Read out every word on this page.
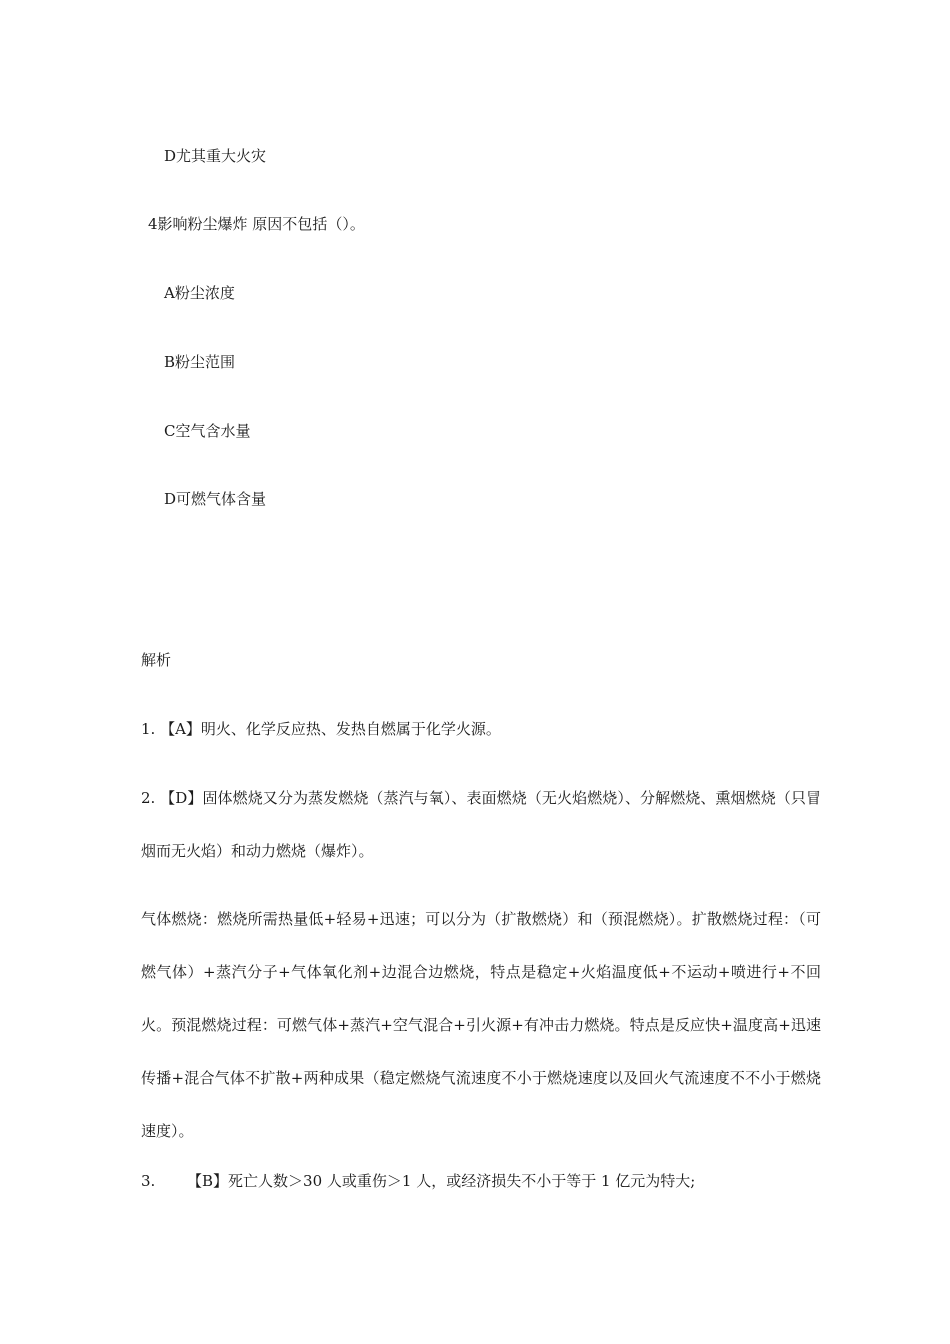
D尤其重大火灾
4影响粉尘爆炸 原因不包括（）。
A粉尘浓度
B粉尘范围
C空气含水量
D可燃气体含量
解析
1. 【A】明火、化学反应热、发热自燃属于化学火源。
2. 【D】固体燃烧又分为蒸发燃烧（蒸汽与氧）、表面燃烧（无火焰燃烧）、分解燃烧、熏烟燃烧（只冒烟而无火焰）和动力燃烧（爆炸）。
气体燃烧：燃烧所需热量低+轻易+迅速；可以分为（扩散燃烧）和（预混燃烧）。扩散燃烧过程：（可燃气体）+蒸汽分子+气体氧化剂+边混合边燃烧，特点是稳定+火焰温度低+不运动+喷进行+不回火。预混燃烧过程：可燃气体+蒸汽+空气混合+引火源+有冲击力燃烧。特点是反应快+温度高+迅速传播+混合气体不扩散+两种成果（稳定燃烧气流速度不小于燃烧速度以及回火气流速度不不小于燃烧速度）。
3. 【B】死亡人数＞30 人或重伤＞1 人，或经济损失不小于等于 1 亿元为特大;
